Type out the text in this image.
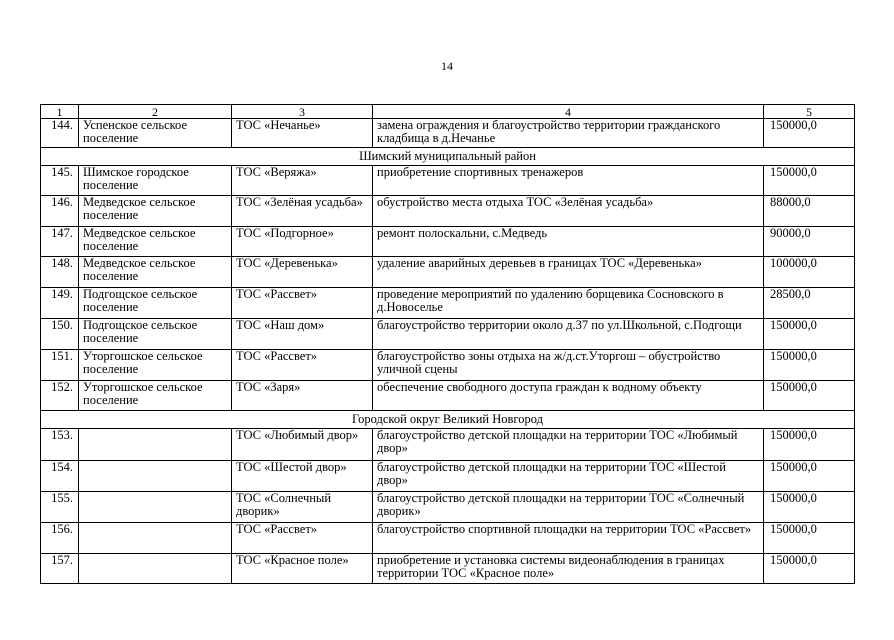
14
1	2	3	4	5
144.	Успенское сельское поселение	ТОС «Нечанье»	замена ограждения и благоустройство территории гражданского кладбища в д.Нечанье	150000,0
Шимский муниципальный район				
145.	Шимское городское поселение	ТОС «Веряжа»	приобретение спортивных тренажеров	150000,0
146.	Медведское сельское поселение	ТОС «Зелёная усадьба»	обустройство места отдыха ТОС «Зелёная усадьба»	88000,0
147.	Медведское сельское поселение	ТОС «Подгорное»	ремонт полоскальни, с.Медведь	90000,0
148.	Медведское сельское поселение	ТОС «Деревенька»	удаление аварийных деревьев в границах ТОС «Деревенька»	100000,0
149.	Подгощское сельское поселение	ТОС «Рассвет»	проведение мероприятий по удалению борщевика Сосновского в д.Новоселье	28500,0
150.	Подгощское сельское поселение	ТОС «Наш дом»	благоустройство территории около д.37 по ул.Школьной, с.Подгощи	150000,0
151.	Уторгошское сельское поселение	ТОС «Рассвет»	благоустройство зоны отдыха на ж/д.ст.Уторгош – обустройство уличной сцены	150000,0
152.	Уторгошское сельское поселение	ТОС «Заря»	обеспечение свободного доступа граждан к водному объекту	150000,0
Городской округ Великий Новгород				
153.		ТОС «Любимый двор»	благоустройство детской площадки на территории ТОС «Любимый двор»	150000,0
154.		ТОС «Шестой двор»	благоустройство детской площадки на территории ТОС «Шестой двор»	150000,0
155.		ТОС «Солнечный дворик»	благоустройство детской площадки на территории ТОС «Солнечный дворик»	150000,0
156.		ТОС «Рассвет»	благоустройство спортивной площадки на территории ТОС «Рассвет»	150000,0
157.		ТОС «Красное поле»	приобретение и установка системы видеонаблюдения в границах территории ТОС «Красное поле»	150000,0
